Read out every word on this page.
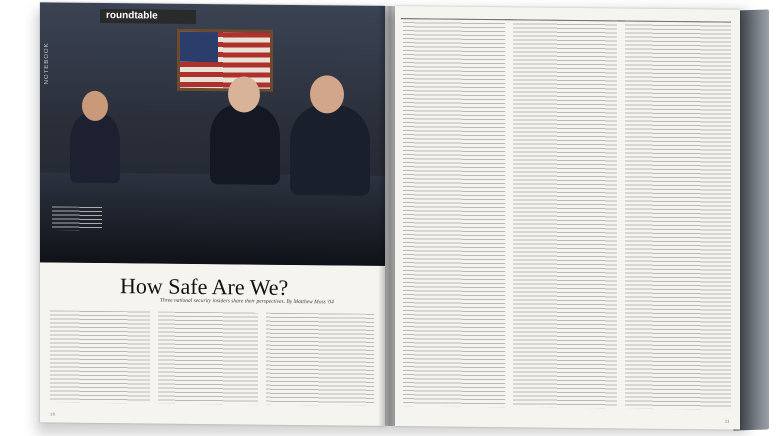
roundtable
NOTEBOOK
How Safe Are We?
Three national security insiders share their perspectives. By Matthew Moss '04
10
11
